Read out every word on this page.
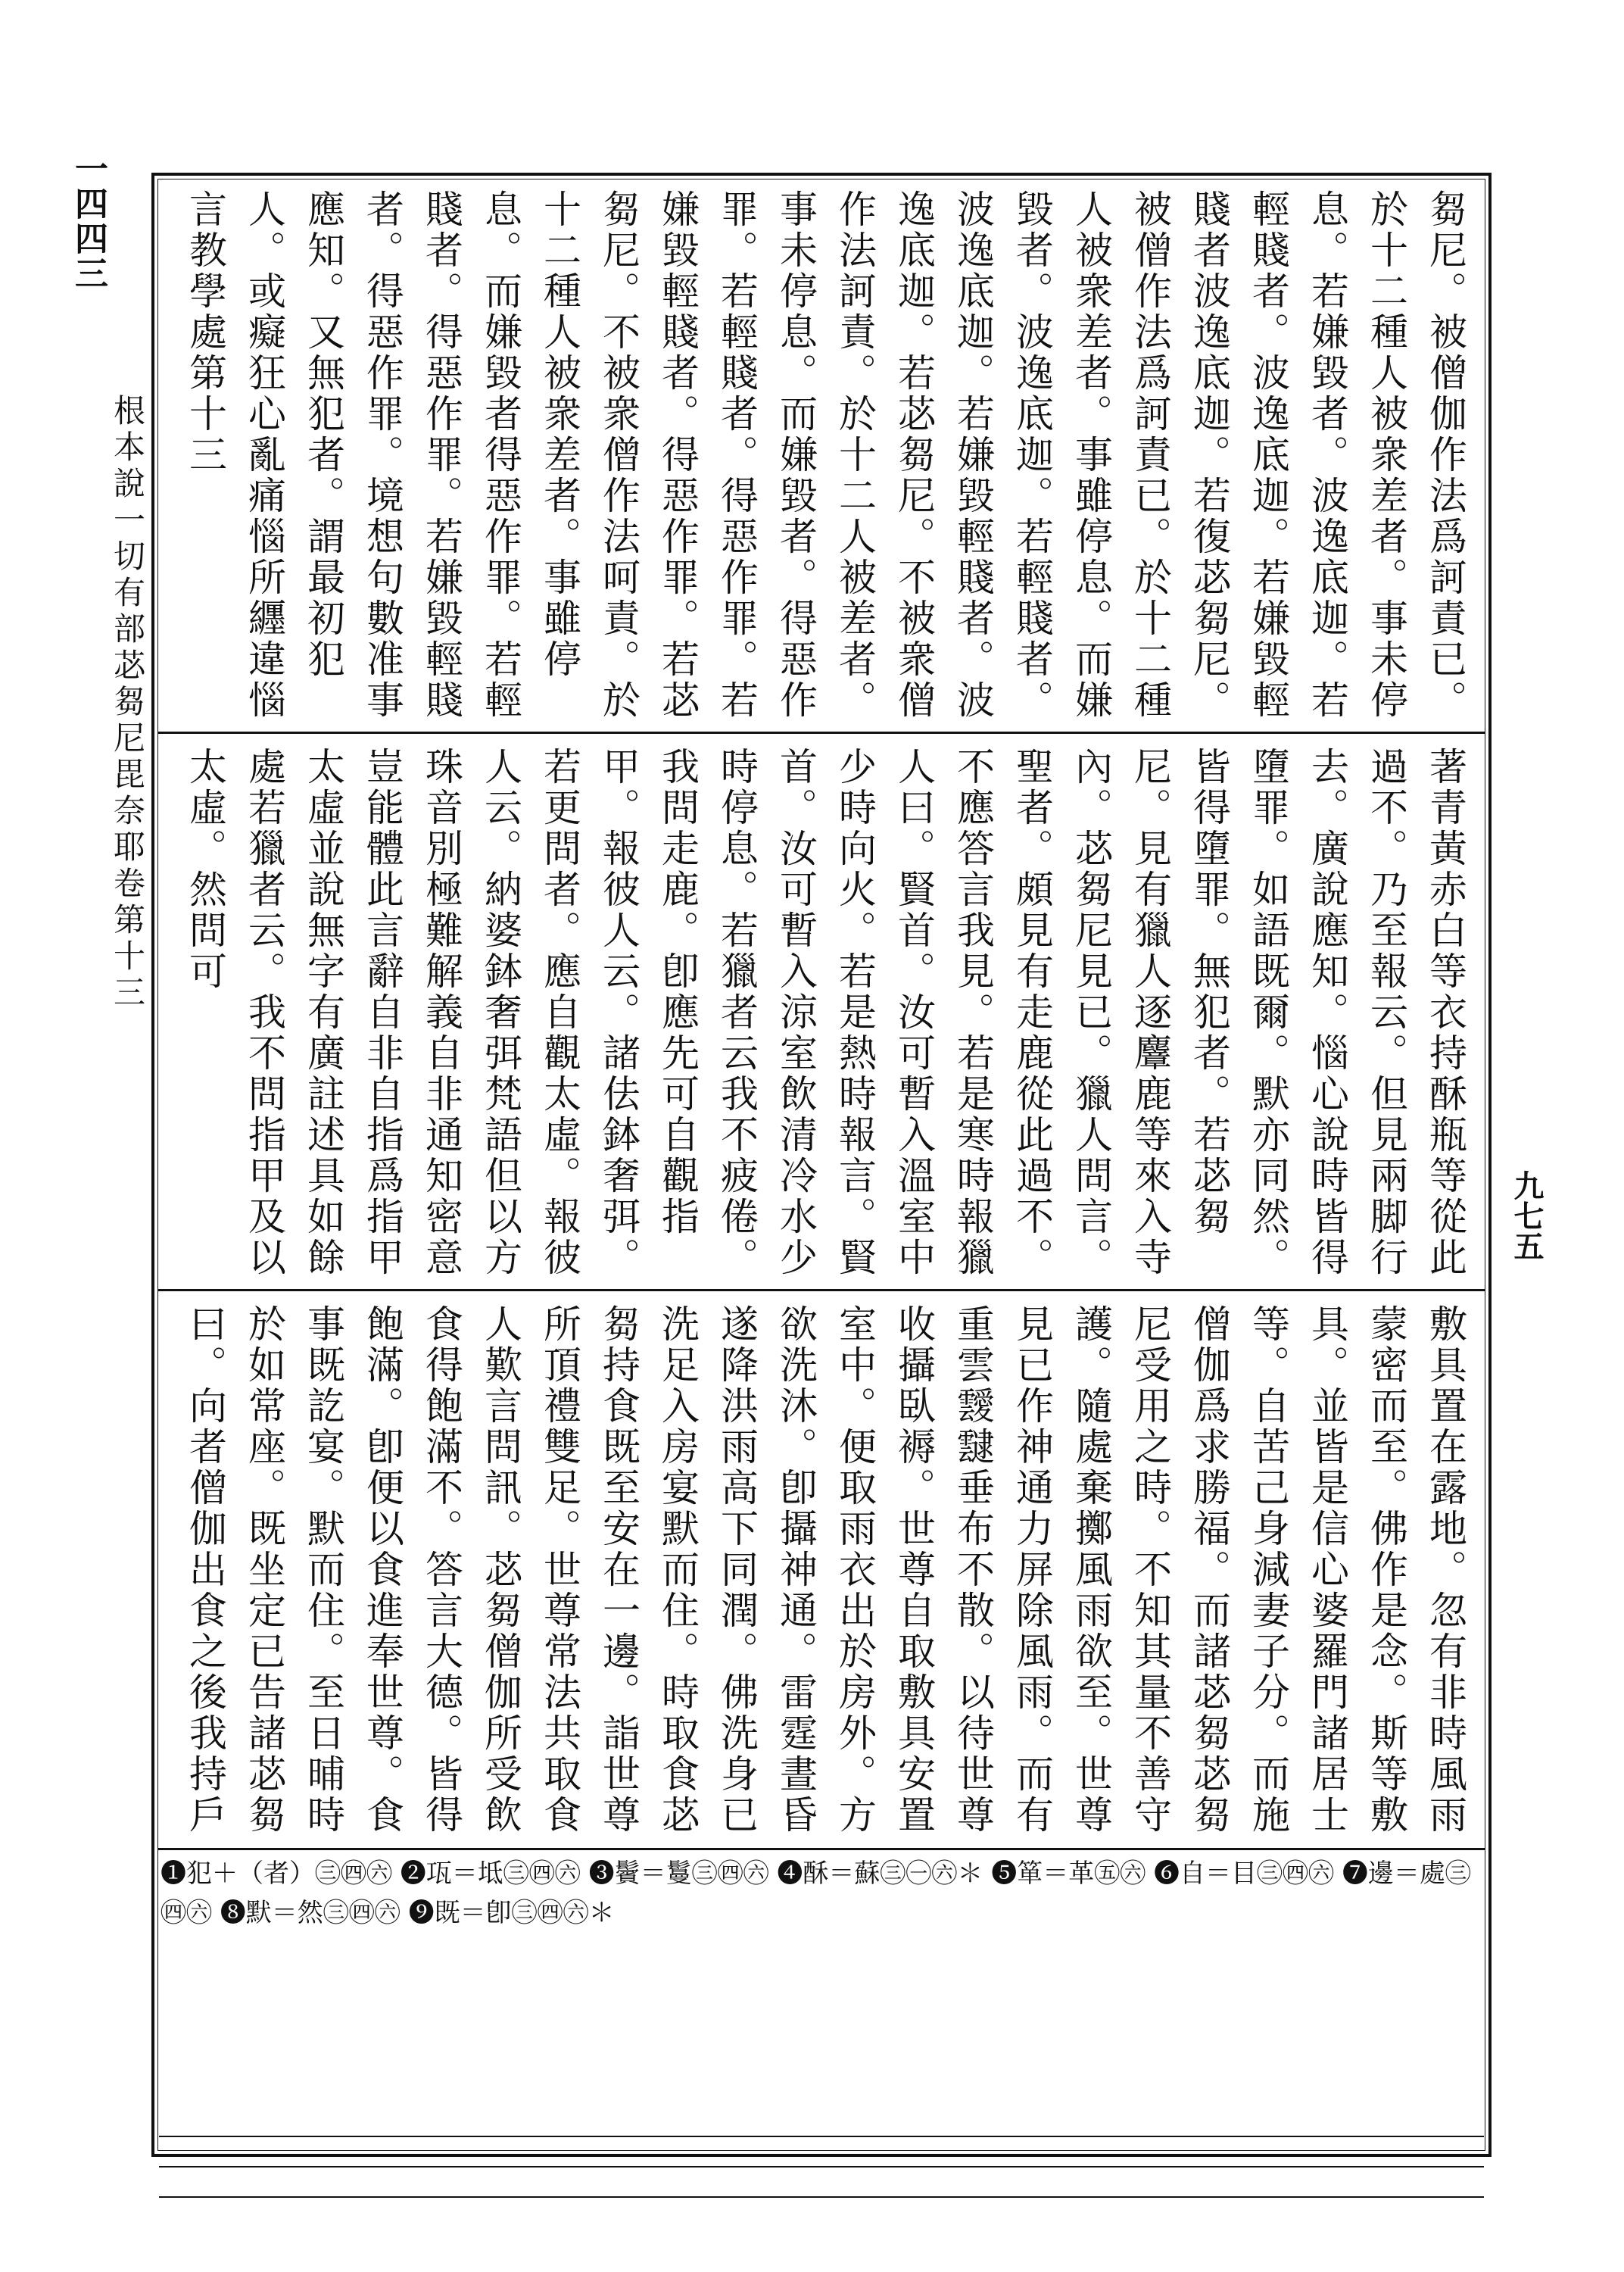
一四四三
根本說一切有部苾芻尼毘奈耶卷第十三
九七五
芻尼。被僧伽作法爲訶責已。於十二種人被衆差者。事未停息。若嫌毀者。波逸底迦。若輕賤者。波逸底迦。若嫌毀輕賤者波逸底迦。若復苾芻尼。被僧作法爲訶責已。於十二種人被衆差者。事雖停息。而嫌毀者。波逸底迦。若輕賤者。波逸底迦。若嫌毀輕賤者。波逸底迦。若苾芻尼。不被衆僧作法訶責。於十二人被差者。事未停息。而嫌毀者。得惡作罪。若輕賤者。得惡作罪。若嫌毀輕賤者。得惡作罪。若苾芻尼。不被衆僧作法呵責。於十二種人被衆差者。事雖停息。而嫌毀者得惡作罪。若輕賤者。得惡作罪。若嫌毀輕賤者。得惡作罪。境想句數准事應知。又無犯者。謂最初犯人。或癡狂心亂痛惱所纒違惱言教學處第十三
著青黃赤白等衣持酥瓶等從此過不。乃至報云。但見兩脚行去。廣說應知。惱心說時皆得墮罪。如語既爾。默亦同然。皆得墮罪。無犯者。若苾芻尼。見有獵人逐麞鹿等來入寺內。苾芻尼見已。獵人問言。聖者。頗見有走鹿從此過不。不應答言我見。若是寒時報獵人曰。賢首。汝可暫入溫室中少時向火。若是熱時報言。賢首。汝可暫入涼室飲清冷水少時停息。若獵者云我不疲倦。我問走鹿。卽應先可自觀指甲。報彼人云。諸佉鉢奢弭。若更問者。應自觀太虛。報彼人云。納婆鉢奢弭梵語但以方珠音別極難解義自非通知密意豈能體此言辭自非自指爲指甲太虛並說無字有廣註述具如餘處若獵者云。我不問指甲及以太虛。然問可
敷具置在露地。忽有非時風雨蒙密而至。佛作是念。斯等敷具。並皆是信心婆羅門諸居士等。自苦己身減妻子分。而施僧伽爲求勝福。而諸苾芻苾芻尼受用之時。不知其量不善守護。隨處棄擲風雨欲至。世尊見已作神通力屏除風雨。而有重雲靉靆垂布不散。以待世尊收攝臥褥。世尊自取敷具安置室中。便取雨衣出於房外。方欲洗沐。卽攝神通。雷霆晝昏遂降洪雨高下同潤。佛洗身已洗足入房宴默而住。時取食苾芻持食既至安在一邊。詣世尊所頂禮雙足。世尊常法共取食人歎言問訊。苾芻僧伽所受飲食得飽滿不。答言大德。皆得飽滿。卽便以食進奉世尊。食事既訖宴。默而住。至日晡時於如常座。既坐定已告諸苾芻曰。向者僧伽出食之後我持戶
❶犯＋（者）㊂㊃㊅ ❷瓨＝坻㊂㊃㊅ ❸鬢＝鬘㊂㊃㊅ ❹酥＝蘇㊂㊀㊅＊ ❺箪＝革㊄㊅ ❻自＝目㊂㊃㊅ ❼邊＝處㊂㊃㊅ ❽默＝然㊂㊃㊅ ❾既＝卽㊂㊃㊅＊
